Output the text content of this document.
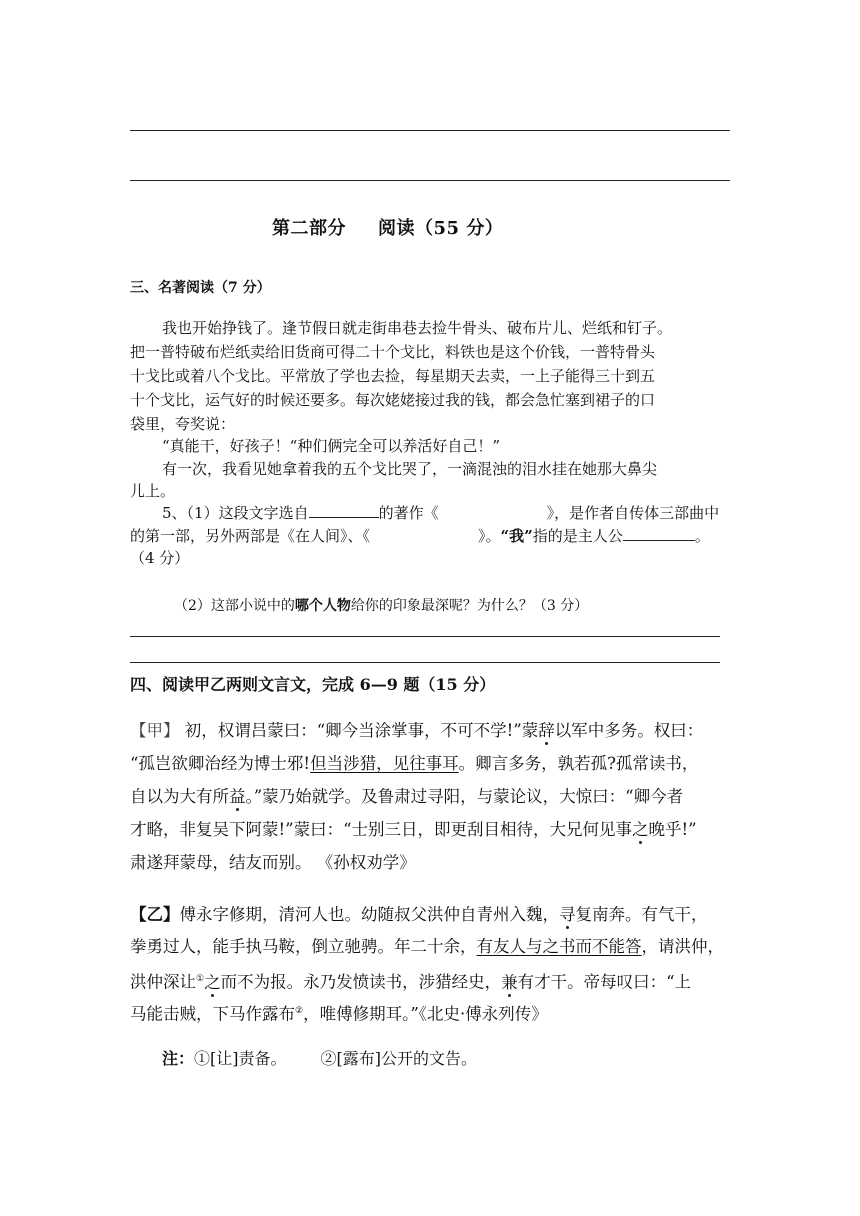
第二部分　  阅读（55 分）
三、名著阅读（7 分）
我也开始挣钱了。逢节假日就走街串巷去捡牛骨头、破布片儿、烂纸和钉子。
把一普特破布烂纸卖给旧货商可得二十个戈比，料铁也是这个价钱，一普特骨头
十戈比或着八个戈比。平常放了学也去捡，每星期天去卖，一上子能得三十到五
十个戈比，运气好的时候还要多。每次姥姥接过我的钱，都会急忙塞到裙子的口
袋里，夸奖说：
“真能干，好孩子！“种们俩完全可以养活好自己！”
有一次，我看见她拿着我的五个戈比哭了，一滴混浊的泪水挂在她那大鼻尖
儿上。
5、（1）这段文字选自	的著作《	》，是作者自传体三部曲中
的第一部，另外两部是《在人间》、《	》。“我”指的是主人公	。
（4 分）
（2）这部小说中的哪个人物给你的印象最深呢？为什么？（3 分）
四、阅读甲乙两则文言文，完成 6—9 题（15 分）
【甲】 初，权谓吕蒙曰：“卿今当涂掌事，不可不学!”蒙辞以军中多务。权曰：
“孤岂欲卿治经为博士邪!但当涉猎，见往事耳。卿言多务，孰若孤?孤常读书，
自以为大有所益。”蒙乃始就学。及鲁肃过寻阳，与蒙论议，大惊曰：“卿今者
才略，非复吴下阿蒙!”蒙曰：“士别三日，即更刮目相待，大兄何见事之晚乎!”
肃遂拜蒙母，结友而别。 《孙权劝学》
【乙】傅永字修期，清河人也。幼随叔父洪仲自青州入魏，寻复南奔。有气干，
拳勇过人，能手执马鞍，倒立驰骋。年二十余，有友人与之书而不能答，请洪仲，
洪仲深让①之而不为报。永乃发愤读书，涉猎经史，兼有才干。帝每叹曰：“上
马能击贼，下马作露布②，唯傅修期耳。”《北史·傅永列传》
注：①[让]责备。 ②[露布]公开的文告。
